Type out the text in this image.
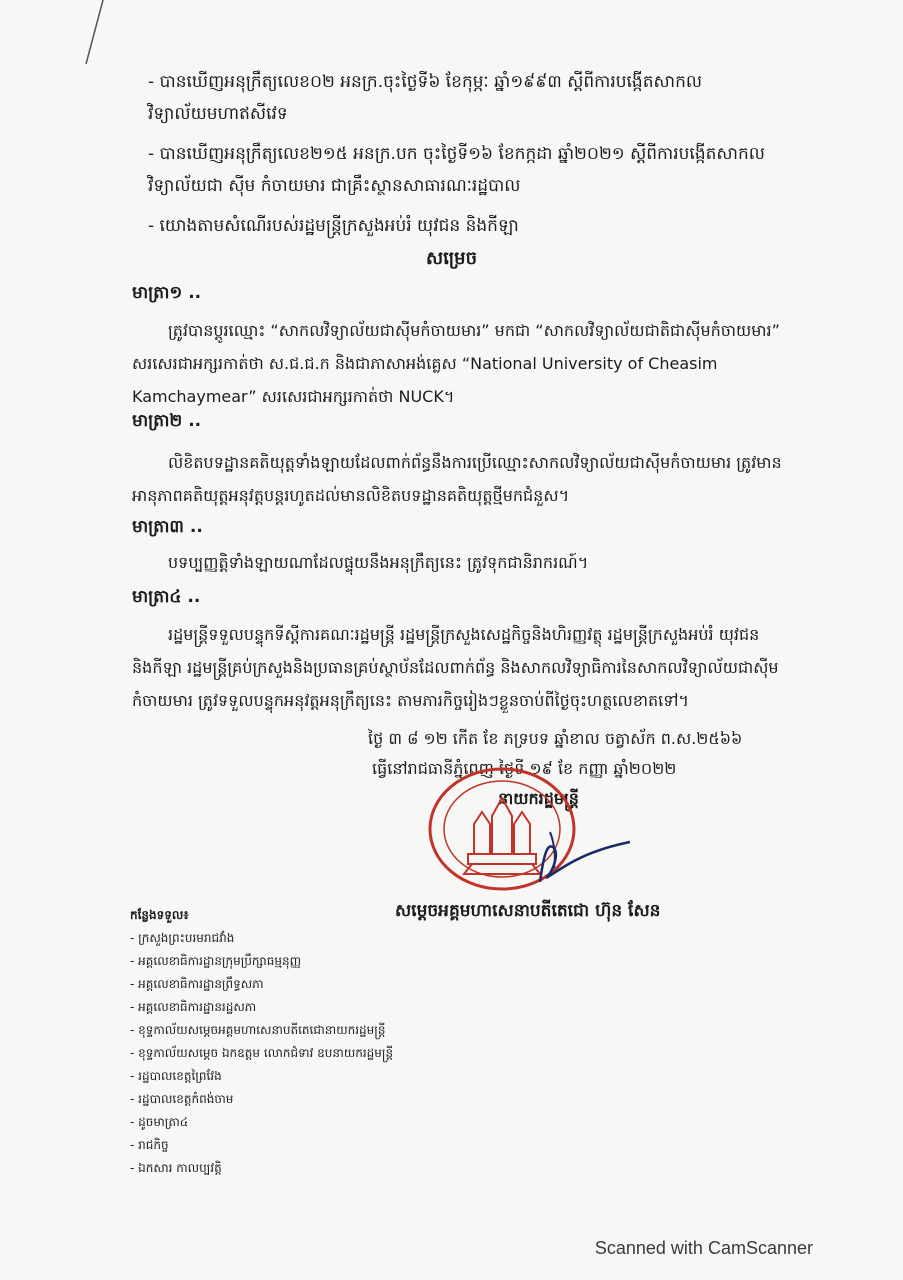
- បានឃើញអនុក្រឹត្យលេខ០២ អនក្រ.ចុះថ្ងៃទី៦ ខែកុម្ភៈ ឆ្នាំ១៩៩៣ ស្តីពីការបង្កើតសាកលវិទ្យាល័យមហាឥសីវេទ
- បានឃើញអនុក្រឹត្យលេខ២១៥ អនក្រ.បក ចុះថ្ងៃទី១៦ ខែកក្កដា ឆ្នាំ២០២១ ស្តីពីការបង្កើតសាកលវិទ្យាល័យជា ស៊ីម កំចាយមារ ជាគ្រឹះស្ថានសាធារណៈរដ្ឋបាល
- យោងតាមសំណើរបស់រដ្ឋមន្ត្រីក្រសួងអប់រំ យុវជន និងកីឡា
សម្រេច
មាត្រា១ ..
ត្រូវបានប្តូរឈ្មោះ “សាកលវិទ្យាល័យជាស៊ីមកំចាយមារ” មកជា “សាកលវិទ្យាល័យជាតិជាស៊ីមកំចាយមារ” សរសេរជាអក្សរកាត់ថា ស.ជ.ជ.ក និងជាភាសាអង់គ្លេស “National University of Cheasim Kamchaymear” សរសេរជាអក្សរកាត់ថា NUCK។
មាត្រា២ ..
លិខិតបទដ្ឋានគតិយុត្តទាំងឡាយដែលពាក់ព័ន្ធនឹងការប្រើឈ្មោះសាកលវិទ្យាល័យជាស៊ីមកំចាយមារ ត្រូវមានអានុភាពគតិយុត្តអនុវត្តបន្តរហូតដល់មានលិខិតបទដ្ឋានគតិយុត្តថ្មីមកជំនួស។
មាត្រា៣ ..
បទប្បញ្ញត្តិទាំងឡាយណាដែលផ្ទុយនឹងអនុក្រឹត្យនេះ ត្រូវទុកជានិរាករណ៍។
មាត្រា៤ ..
រដ្ឋមន្ត្រីទទួលបន្ទុកទីស្តីការគណៈរដ្ឋមន្ត្រី រដ្ឋមន្ត្រីក្រសួងសេដ្ឋកិច្ចនិងហិរញ្ញវត្ថុ រដ្ឋមន្ត្រីក្រសួងអប់រំ យុវជន និងកីឡា រដ្ឋមន្ត្រីគ្រប់ក្រសួងនិងប្រធានគ្រប់ស្ថាប័នដែលពាក់ព័ន្ធ និងសាកលវិទ្យាធិការនៃសាកលវិទ្យាល័យជាស៊ីមកំចាយមារ ត្រូវទទួលបន្ទុកអនុវត្តអនុក្រឹត្យនេះ តាមភារកិច្ចរៀងៗខ្លួនចាប់ពីថ្ងៃចុះហត្ថលេខាតទៅ។
ថ្ងៃ ៣ ៨ ១២ កើត ខែ ភទ្របទ ឆ្នាំខាល ចត្វាស័ក ព.ស.២៥៦៦
ធ្វើនៅរាជធានីភ្នំពេញ ថ្ងៃទី ១៩ ខែ កញ្ញា ឆ្នាំ២០២២
នាយករដ្ឋមន្ត្រី
សម្តេចអគ្គមហាសេនាបតីតេជោ ហ៊ុន សែន
កន្លែងទទួល៖
- ក្រសួងព្រះបរមរាជវាំង
- អគ្គលេខាធិការដ្ឋានក្រុមប្រឹក្សាធម្មនុញ្ញ
- អគ្គលេខាធិការដ្ឋានព្រឹទ្ធសភា
- អគ្គលេខាធិការដ្ឋានរដ្ឋសភា
- ខុទ្ទកាល័យសម្តេចអគ្គមហាសេនាបតីតេជោនាយករដ្ឋមន្ត្រី
- ខុទ្ទកាល័យសម្តេច ឯកឧត្តម លោកជំទាវ ឧបនាយករដ្ឋមន្ត្រី
- រដ្ឋបាលខេត្តព្រៃវែង
- រដ្ឋបាលខេត្តកំពង់ចាម
- ដូចមាត្រា៤
- រាជកិច្ច
- ឯកសារ កាលប្បវត្តិ
Scanned with CamScanner
